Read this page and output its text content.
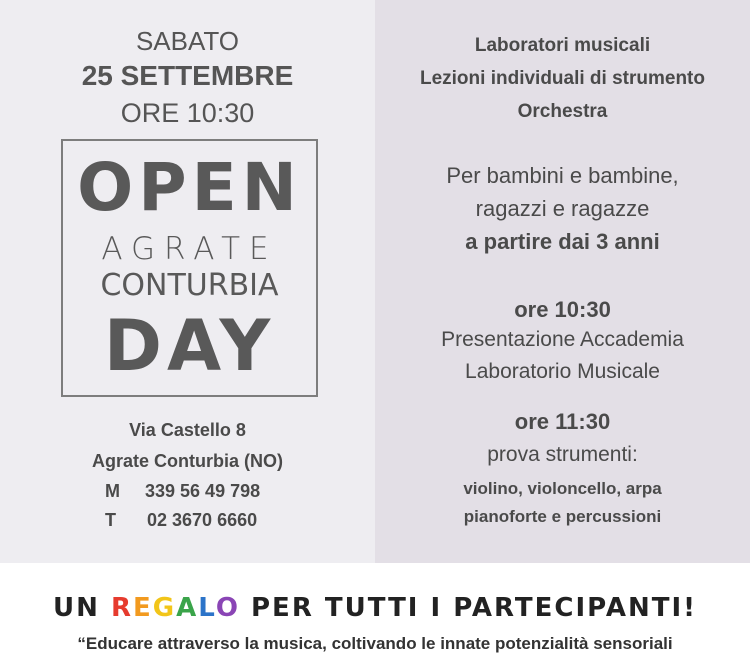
SABATO
25 SETTEMBRE
ORE 10:30
OPEN
AGRATE
CONTURBIA
DAY
Via Castello 8
Agrate Conturbia (NO)
M 339 56 49 798
T 02 3670 6660
Laboratori musicali
Lezioni individuali di strumento
Orchestra
Per bambini e bambine,
ragazzi e ragazze
a partire dai 3 anni
ore 10:30
Presentazione Accademia
Laboratorio Musicale
ore 11:30
prova strumenti:
violino, violoncello, arpa
pianoforte e percussioni
UN REGALO PER TUTTI I PARTECIPANTI!
“Educare attraverso la musica, coltivando le innate potenzialità sensoriali
